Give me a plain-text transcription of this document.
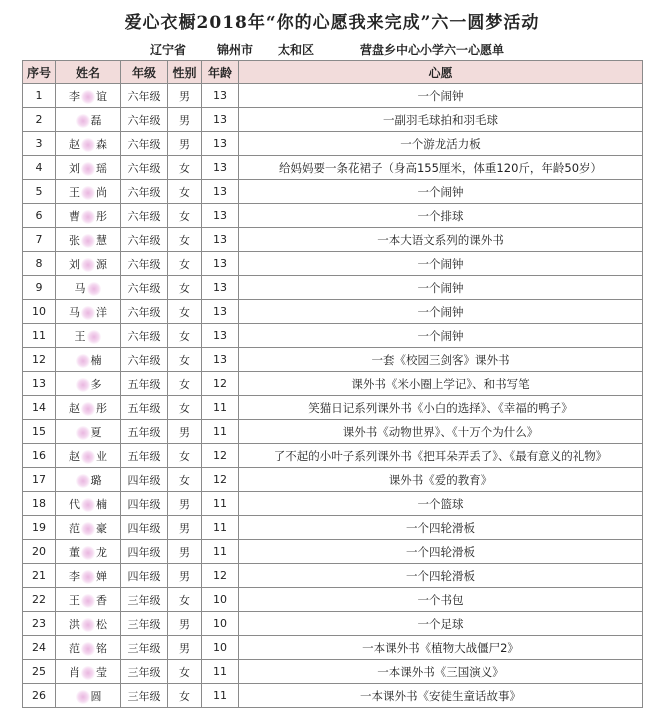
爱心衣橱2018年“你的心愿我来完成”六一圆梦活动
辽宁省	锦州市 太和区	营盘乡中心小学六一心愿单
序号	姓名	年级	性别	年龄	心愿
1	李 谊	六年级	男	13	一个闹钟
2	磊	六年级	男	13	一副羽毛球拍和羽毛球
3	赵 森	六年级	男	13	一个游龙活力板
4	刘 瑶	六年级	女	13	给妈妈要一条花裙子（身高155厘米，体重120斤，年龄50岁）
5	王 尚	六年级	女	13	一个闹钟
6	曹 彤	六年级	女	13	一个排球
7	张 慧	六年级	女	13	一本大语文系列的课外书
8	刘 源	六年级	女	13	一个闹钟
9	马	六年级	女	13	一个闹钟
10	马 洋	六年级	女	13	一个闹钟
11	王	六年级	女	13	一个闹钟
12	楠	六年级	女	13	一套《校园三剑客》课外书
13	多	五年级	女	12	课外书《米小圈上学记》、和书写笔
14	赵 彤	五年级	女	11	笑猫日记系列课外书《小白的选择》、《幸福的鸭子》
15	夏	五年级	男	11	课外书《动物世界》、《十万个为什么》
16	赵 业	五年级	女	12	了不起的小叶子系列课外书《把耳朵弄丢了》、《最有意义的礼物》
17	璐	四年级	女	12	课外书《爱的教育》
18	代 楠	四年级	男	11	一个篮球
19	范 豪	四年级	男	11	一个四轮滑板
20	董 龙	四年级	男	11	一个四轮滑板
21	李 婵	四年级	男	12	一个四轮滑板
22	王 香	三年级	女	10	一个书包
23	洪 松	三年级	男	10	一个足球
24	范 铭	三年级	男	10	一本课外书《植物大战僵尸2》
25	肖 莹	三年级	女	11	一本课外书《三国演义》
26	圆	三年级	女	11	一本课外书《安徒生童话故事》
